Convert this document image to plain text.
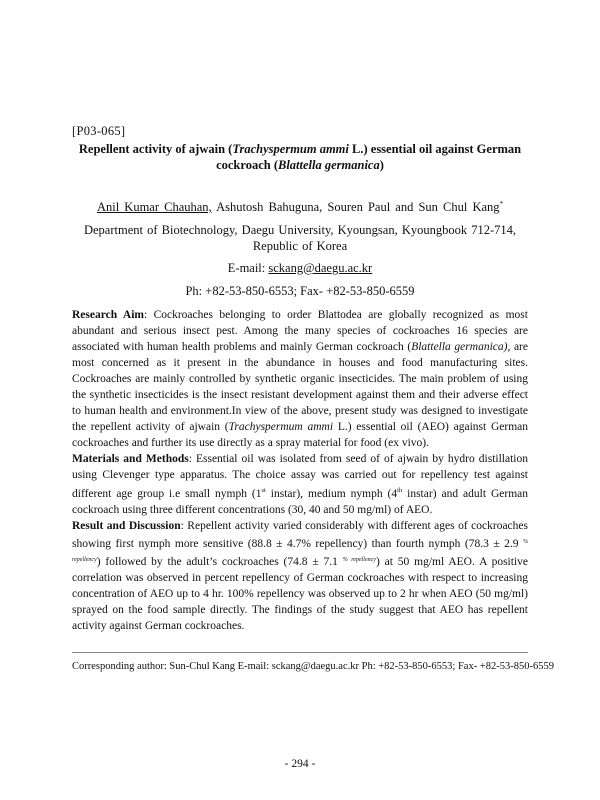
[P03-065]
Repellent activity of ajwain (Trachyspermum ammi L.) essential oil against German cockroach (Blattella germanica)
Anil Kumar Chauhan, Ashutosh Bahuguna, Souren Paul and Sun Chul Kang*
Department of Biotechnology, Daegu University, Kyoungsan, Kyoungbook 712-714, Republic of Korea
E-mail: sckang@daegu.ac.kr
Ph: +82-53-850-6553; Fax- +82-53-850-6559

Research Aim: Cockroaches belonging to order Blattodea are globally recognized as most abundant and serious insect pest. Among the many species of cockroaches 16 species are associated with human health problems and mainly German cockroach (Blattella germanica), are most concerned as it present in the abundance in houses and food manufacturing sites. Cockroaches are mainly controlled by synthetic organic insecticides. The main problem of using the synthetic insecticides is the insect resistant development against them and their adverse effect to human health and environment.In view of the above, present study was designed to investigate the repellent activity of ajwain (Trachyspermum ammi L.) essential oil (AEO) against German cockroaches and further its use directly as a spray material for food (ex vivo).

Materials and Methods: Essential oil was isolated from seed of of ajwain by hydro distillation using Clevenger type apparatus. The choice assay was carried out for repellency test against different age group i.e small nymph (1st instar), medium nymph (4th instar) and adult German cockroach using three different concentrations (30, 40 and 50 mg/ml) of AEO.

Result and Discussion: Repellent activity varied considerably with different ages of cockroaches showing first nymph more sensitive (88.8 ± 4.7% repellency) than fourth nymph (78.3 ± 2.9 $^{\% repellency}$) followed by the adult’s cockroaches (74.8 ± 7.1 $^{\% repellency}$) at 50 mg/ml AEO. A positive correlation was observed in percent repellency of German cockroaches with respect to increasing concentration of AEO up to 4 hr. 100% repellency was observed up to 2 hr when AEO (50 mg/ml) sprayed on the food sample directly. The findings of the study suggest that AEO has repellent activity against German cockroaches.

Corresponding author: Sun-Chul Kang E-mail: sckang@daegu.ac.kr Ph: +82-53-850-6553; Fax- +82-53-850-6559
- 294 -
